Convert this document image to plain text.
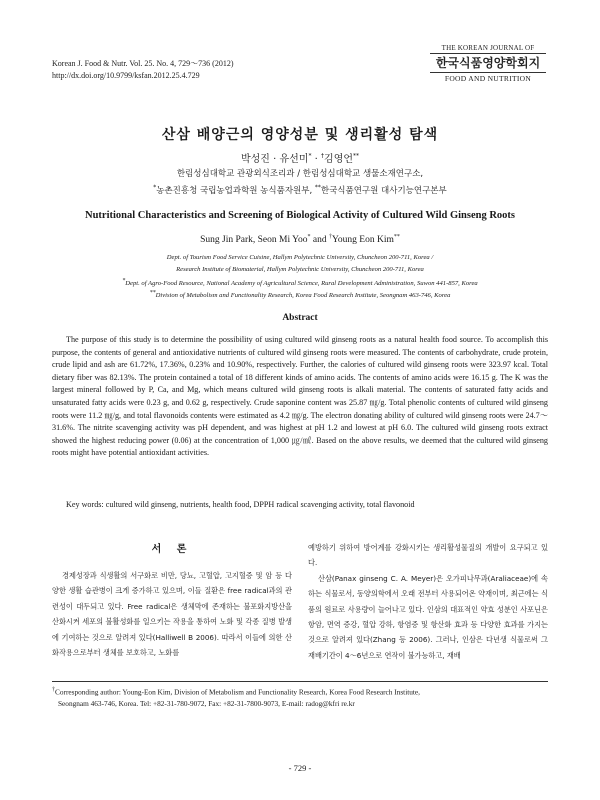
Korean J. Food & Nutr. Vol. 25. No. 4, 729～736 (2012)
http://dx.doi.org/10.9799/ksfan.2012.25.4.729
THE KOREAN JOURNAL OF
한국식품영양학회지
FOOD AND NUTRITION
산삼 배양근의 영양성분 및 생리활성 탐색
박성진 · 유선미* · †김영언**
한림성심대학교 관광외식조리과 / 한림성심대학교 생물소재연구소,
*농촌진흥청 국립농업과학원 농식품자원부, **한국식품연구원 대사기능연구본부
Nutritional Characteristics and Screening of Biological Activity of Cultured Wild Ginseng Roots
Sung Jin Park, Seon Mi Yoo* and †Young Eon Kim**
Dept. of Tourism Food Service Cuisine, Hallym Polytechnic University, Chuncheon 200-711, Korea /
Research Institute of Biomaterial, Hallym Polytechnic University, Chuncheon 200-711, Korea
*Dept. of Agro-Food Resource, National Academy of Agricultural Science, Rural Development Administration, Suwon 441-857, Korea
**Division of Metabolism and Functionality Research, Korea Food Research Institute, Seongnam 463-746, Korea
Abstract

The purpose of this study is to determine the possibility of using cultured wild ginseng roots as a natural health food source. To accomplish this purpose, the contents of general and antioxidative nutrients of cultured wild ginseng roots were measured. The contents of carbohydrate, crude protein, crude lipid and ash are 61.72%, 17.36%, 0.23% and 10.90%, respectively. Further, the calories of cultured wild ginseng roots were 323.97 kcal. Total dietary fiber was 82.13%. The protein contained a total of 18 different kinds of amino acids. The contents of amino acids were 16.15 g. The K was the largest mineral followed by P, Ca, and Mg, which means cultured wild ginseng roots is alkali material. The contents of saturated fatty acids and unsaturated fatty acids were 0.23 g, and 0.62 g, respectively. Crude saponine content was 25.87 ㎎/g. Total phenolic contents of cultured wild ginseng roots were 11.2 ㎎/g, and total flavonoids contents were estimated as 4.2 ㎎/g. The electron donating ability of cultured wild ginseng roots were 24.7～31.6%. The nitrite scavenging activity was pH dependent, and was highest at pH 1.2 and lowest at pH 6.0. The cultured wild ginseng roots extract showed the highest reducing power (0.06) at the concentration of 1,000 ㎍/㎖. Based on the above results, we deemed that the cultured wild ginseng roots might have potential antioxidant activities.

Key words: cultured wild ginseng, nutrients, health food, DPPH radical scavenging activity, total flavonoid
서 론

경제성장과 식생활의 서구화로 비만, 당뇨, 고혈압, 고지혈증 및 암 등 다양한 생활 습관병이 크게 증가하고 있으며, 이들 질환은 free radical과의 관련성이 대두되고 있다. Free radical은 생체막에 존재하는 불포화지방산을 산화시켜 세포의 불활성화를 일으키는 작용을 통하여 노화 및 각종 질병 발생에 기여하는 것으로 알려져 있다(Halliwell B 2006). 따라서 이들에 의한 산화작용으로부터 생체를 보호하고, 노화를

예방하기 위하여 방어계를 강화시키는 생리활성물질의 개발이 요구되고 있다.

산삼(Panax ginseng C. A. Meyer)은 오가피나무과(Araliaceae)에 속하는 식물로서, 동양의학에서 오래 전부터 사용되어온 약재이며, 최근에는 식품의 원료로 사용량이 늘어나고 있다. 인삼의 대표적인 약효 성분인 사포닌은 항암, 면역 증강, 혈압 강하, 항염증 및 항산화 효과 등 다양한 효과를 가지는 것으로 알려져 있다(Zhang 등 2006). 그러나, 인삼은 다년생 식물로써 그 재배기간이 4～6년으로 연작이 불가능하고, 재배

†Corresponding author: Young-Eon Kim, Division of Metabolism and Functionality Research, Korea Food Research Institute,
Seongnam 463-746, Korea. Tel: +82-31-780-9072, Fax: +82-31-7800-9073, E-mail: radog@kfri re.kr
- 729 -
